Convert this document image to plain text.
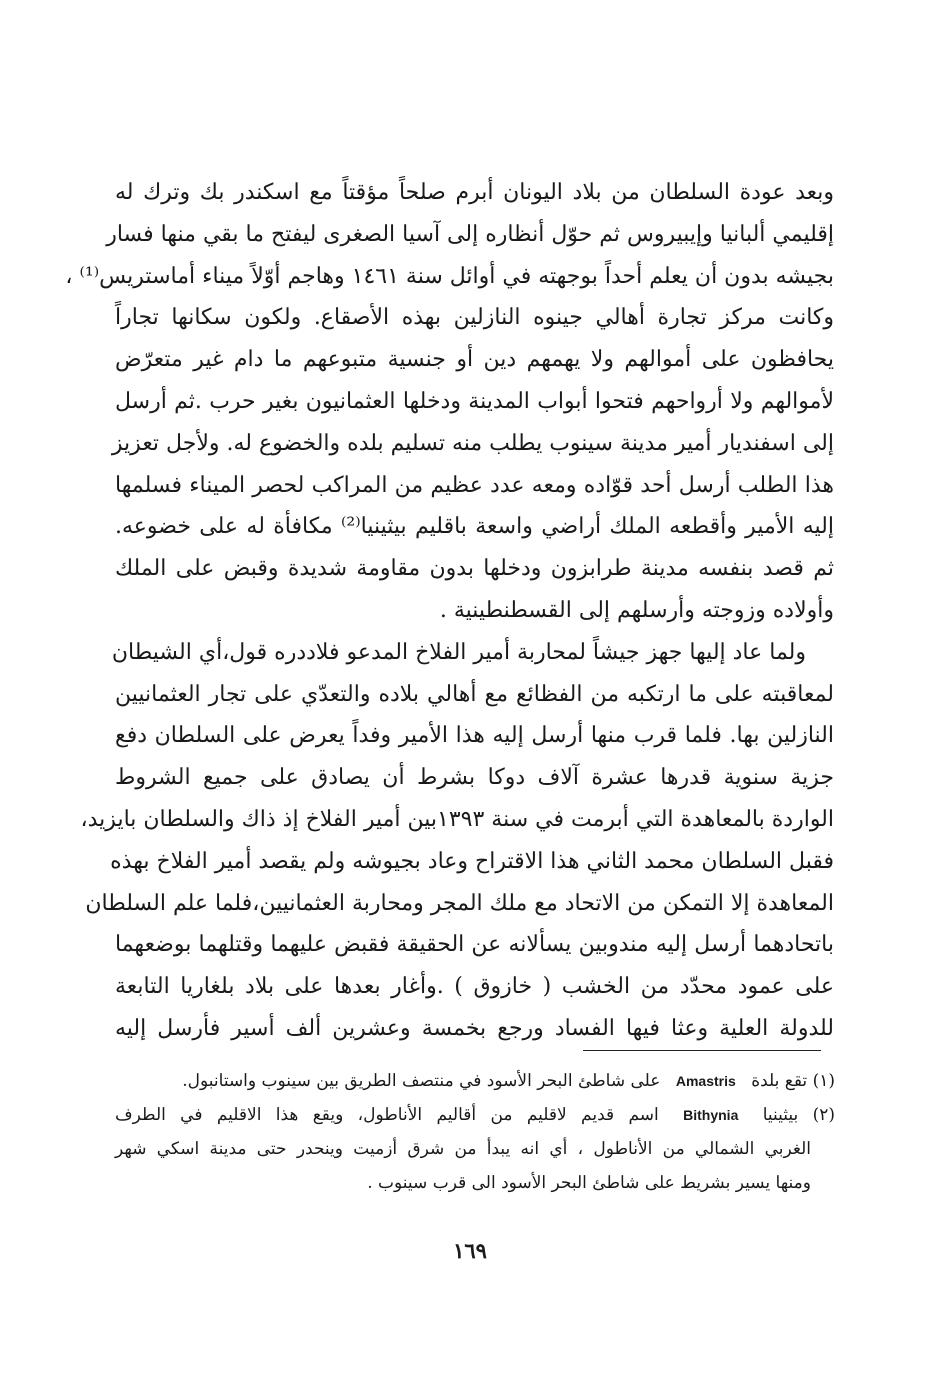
وبعد عودة السلطان من بلاد اليونان أبرم صلحاً مؤقتاً مع اسكندر بك وترك له
إقليمي ألبانيا وإيبيروس ثم حوّل أنظاره إلى آسيا الصغرى ليفتح ما بقي منها فسار
بجيشه بدون أن يعلم أحداً بوجهته في أوائل سنة ١٤٦١ وهاجم أوّلاً ميناء أماستريس⁽¹⁾ ،
وكانت مركز تجارة أهالي جينوه النازلين بهذه الأصقاع. ولكون سكانها تجاراً
يحافظون على أموالهم ولا يهمهم دين أو جنسية متبوعهم ما دام غير متعرّض
لأموالهم ولا أرواحهم فتحوا أبواب المدينة ودخلها العثمانيون بغير حرب .ثم أرسل
إلى اسفنديار أمير مدينة سينوب يطلب منه تسليم بلده والخضوع له. ولأجل تعزيز
هذا الطلب أرسل أحد قوّاده ومعه عدد عظيم من المراكب لحصر الميناء فسلمها
إليه الأمير وأقطعه الملك أراضي واسعة باقليم بيثينيا⁽²⁾ مكافأة له على خضوعه.
ثم قصد بنفسه مدينة طرابزون ودخلها بدون مقاومة شديدة وقبض على الملك
وأولاده وزوجته وأرسلهم إلى القسطنطينية .
ولما عاد إليها جهز جيشاً لمحاربة أمير الفلاخ المدعو فلاددره قول،أي الشيطان
لمعاقبته على ما ارتكبه من الفظائع مع أهالي بلاده والتعدّي على تجار العثمانيين
النازلين بها. فلما قرب منها أرسل إليه هذا الأمير وفداً يعرض على السلطان دفع
جزية سنوية قدرها عشرة آلاف دوكا بشرط أن يصادق على جميع الشروط
الواردة بالمعاهدة التي أبرمت في سنة ١٣٩٣بين أمير الفلاخ إذ ذاك والسلطان بايزيد،
فقبل السلطان محمد الثاني هذا الاقتراح وعاد بجيوشه ولم يقصد أمير الفلاخ بهذه
المعاهدة إلا التمكن من الاتحاد مع ملك المجر ومحاربة العثمانيين،فلما علم السلطان
باتحادهما أرسل إليه مندوبين يسألانه عن الحقيقة فقبض عليهما وقتلهما بوضعهما
على عمود محدّد من الخشب ( خازوق ) .وأغار بعدها على بلاد بلغاريا التابعة
للدولة العلية وعثا فيها الفساد ورجع بخمسة وعشرين ألف أسير فأرسل إليه
(١) تقع بلدة Amastris على شاطئ البحر الأسود في منتصف الطريق بين سينوب واستانبول.
(٢) بيثينيا Bithynia اسم قديم لاقليم من أقاليم الأناطول، ويقع هذا الاقليم في الطرف
الغربي الشمالي من الأناطول ، أي انه يبدأ من شرق أزميت وينحدر حتى مدينة اسكي شهر
ومنها يسير بشريط على شاطئ البحر الأسود الى قرب سينوب .
١٦٩
